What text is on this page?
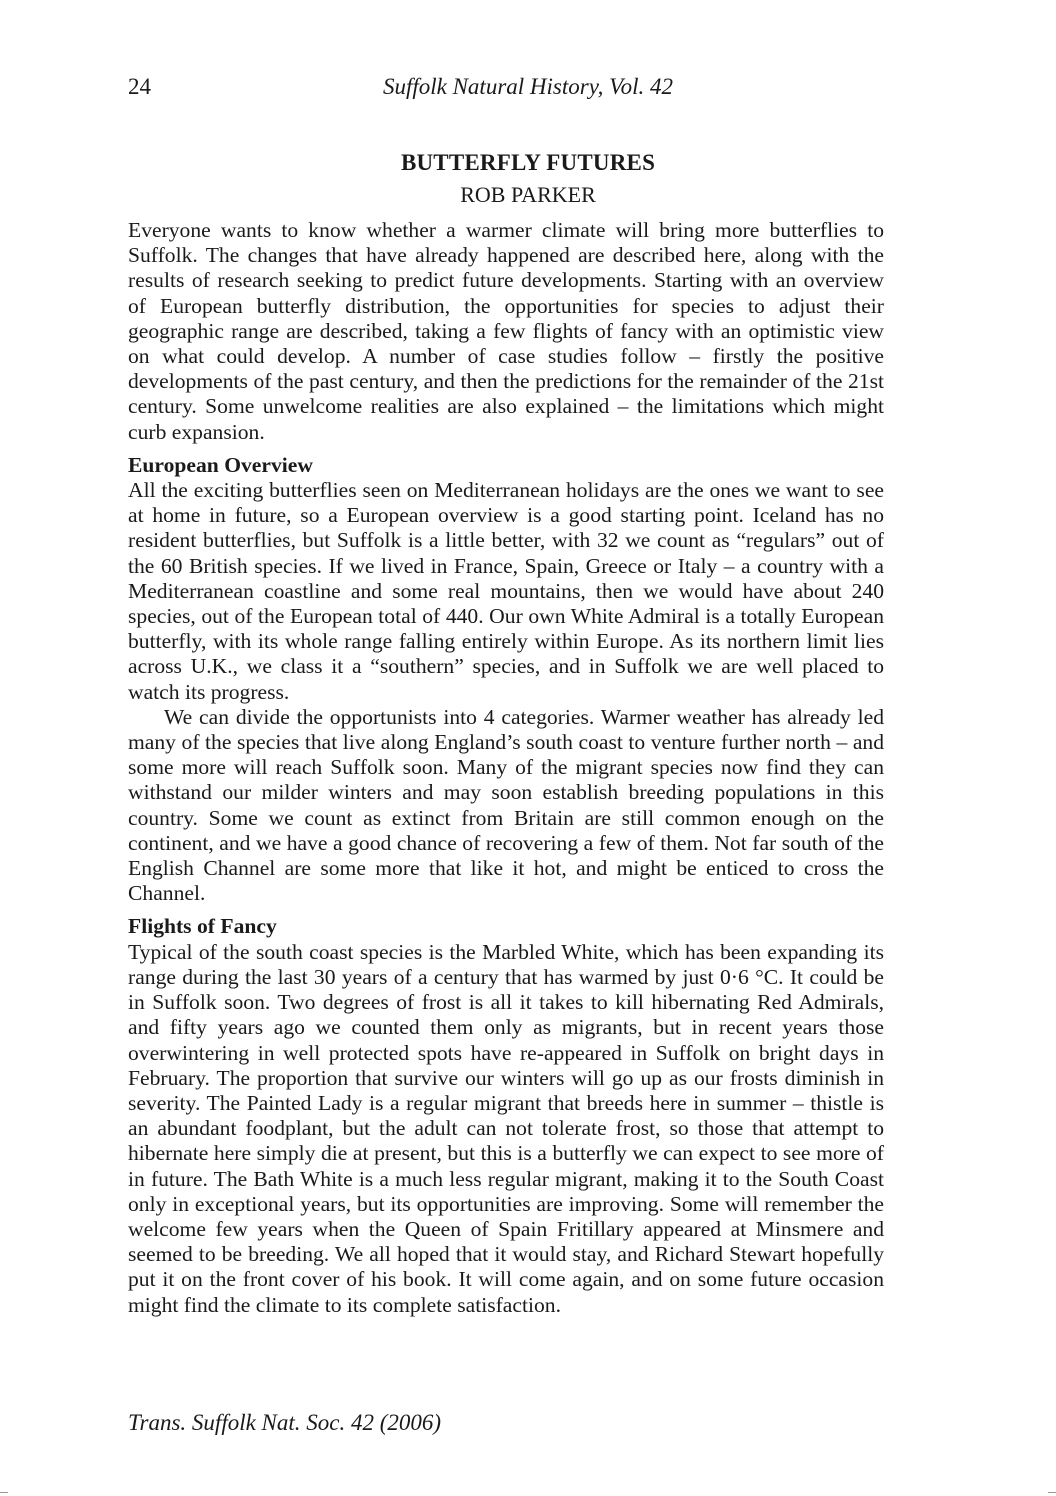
24	Suffolk Natural History, Vol. 42
BUTTERFLY FUTURES
ROB PARKER

Everyone wants to know whether a warmer climate will bring more butterflies to Suffolk. The changes that have already happened are described here, along with the results of research seeking to predict future developments. Starting with an overview of European butterfly distribution, the opportunities for species to adjust their geographic range are described, taking a few flights of fancy with an optimistic view on what could develop. A number of case studies follow – firstly the positive developments of the past century, and then the predictions for the remainder of the 21st century. Some unwelcome realities are also explained – the limitations which might curb expansion.

European Overview

All the exciting butterflies seen on Mediterranean holidays are the ones we want to see at home in future, so a European overview is a good starting point. Iceland has no resident butterflies, but Suffolk is a little better, with 32 we count as “regulars” out of the 60 British species. If we lived in France, Spain, Greece or Italy – a country with a Mediterranean coastline and some real mountains, then we would have about 240 species, out of the European total of 440. Our own White Admiral is a totally European butterfly, with its whole range falling entirely within Europe. As its northern limit lies across U.K., we class it a “southern” species, and in Suffolk we are well placed to watch its progress.

We can divide the opportunists into 4 categories. Warmer weather has already led many of the species that live along England’s south coast to venture further north – and some more will reach Suffolk soon. Many of the migrant species now find they can withstand our milder winters and may soon establish breeding populations in this country. Some we count as extinct from Britain are still common enough on the continent, and we have a good chance of recovering a few of them. Not far south of the English Channel are some more that like it hot, and might be enticed to cross the Channel.

Flights of Fancy

Typical of the south coast species is the Marbled White, which has been expanding its range during the last 30 years of a century that has warmed by just 0·6 °C. It could be in Suffolk soon. Two degrees of frost is all it takes to kill hibernating Red Admirals, and fifty years ago we counted them only as migrants, but in recent years those overwintering in well protected spots have re-appeared in Suffolk on bright days in February. The proportion that survive our winters will go up as our frosts diminish in severity. The Painted Lady is a regular migrant that breeds here in summer – thistle is an abundant foodplant, but the adult can not tolerate frost, so those that attempt to hibernate here simply die at present, but this is a butterfly we can expect to see more of in future. The Bath White is a much less regular migrant, making it to the South Coast only in exceptional years, but its opportunities are improving. Some will remember the welcome few years when the Queen of Spain Fritillary appeared at Minsmere and seemed to be breeding. We all hoped that it would stay, and Richard Stewart hopefully put it on the front cover of his book. It will come again, and on some future occasion might find the climate to its complete satisfaction.

Trans. Suffolk Nat. Soc. 42 (2006)
